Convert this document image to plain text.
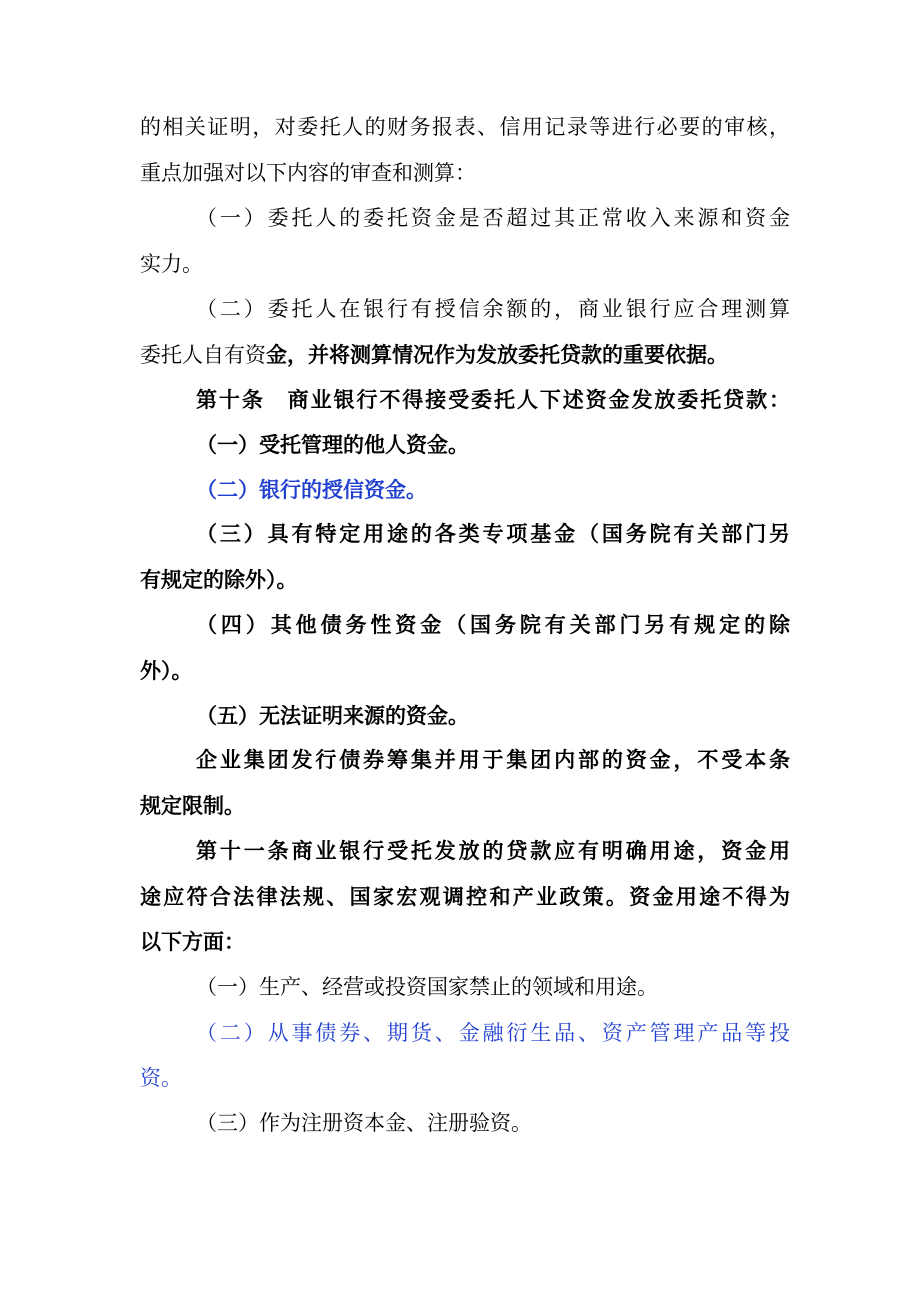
的相关证明，对委托人的财务报表、信用记录等进行必要的审核，
重点加强对以下内容的审查和测算：
（一）委托人的委托资金是否超过其正常收入来源和资金
实力。
（二）委托人在银行有授信余额的，商业银行应合理测算
委托人自有资金，并将测算情况作为发放委托贷款的重要依据。
第十条　商业银行不得接受委托人下述资金发放委托贷款：
（一）受托管理的他人资金。
（二）银行的授信资金。
（三）具有特定用途的各类专项基金（国务院有关部门另
有规定的除外）。
（四）其他债务性资金（国务院有关部门另有规定的除
外）。
（五）无法证明来源的资金。
企业集团发行债券筹集并用于集团内部的资金，不受本条
规定限制。
第十一条商业银行受托发放的贷款应有明确用途，资金用
途应符合法律法规、国家宏观调控和产业政策。资金用途不得为
以下方面：
（一）生产、经营或投资国家禁止的领域和用途。
（二）从事债券、期货、金融衍生品、资产管理产品等投
资。
（三）作为注册资本金、注册验资。
